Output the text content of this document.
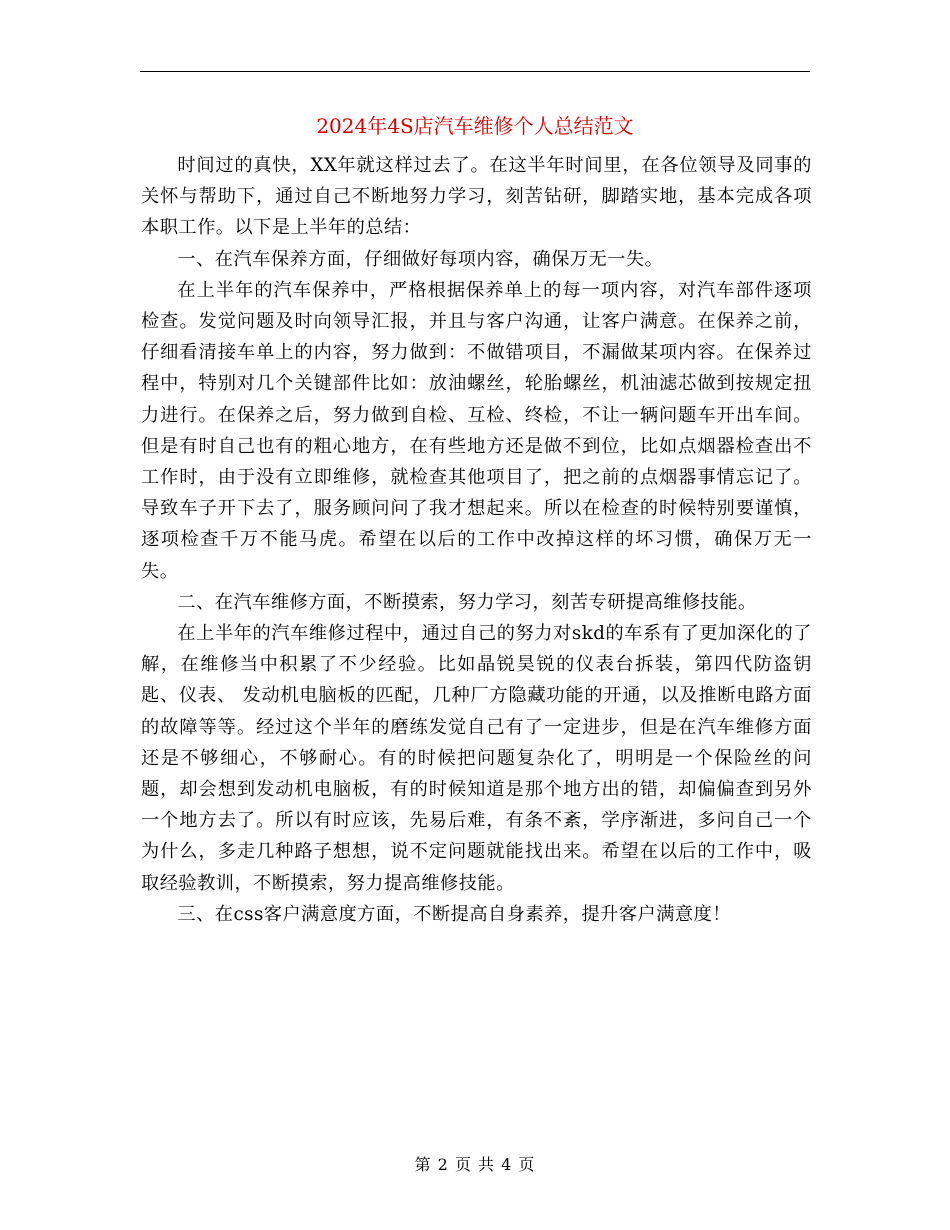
2024年4S店汽车维修个人总结范文

时间过的真快，XX年就这样过去了。在这半年时间里，在各位领导及同事的关怀与帮助下，通过自己不断地努力学习，刻苦钻研，脚踏实地，基本完成各项本职工作。以下是上半年的总结：

一、在汽车保养方面，仔细做好每项内容，确保万无一失。

在上半年的汽车保养中，严格根据保养单上的每一项内容，对汽车部件逐项检查。发觉问题及时向领导汇报，并且与客户沟通，让客户满意。在保养之前，仔细看清接车单上的内容，努力做到：不做错项目，不漏做某项内容。在保养过程中，特别对几个关键部件比如：放油螺丝，轮胎螺丝，机油滤芯做到按规定扭力进行。在保养之后，努力做到自检、互检、终检，不让一辆问题车开出车间。但是有时自己也有的粗心地方，在有些地方还是做不到位，比如点烟器检查出不工作时，由于没有立即维修，就检查其他项目了，把之前的点烟器事情忘记了。导致车子开下去了，服务顾问问了我才想起来。所以在检查的时候特别要谨慎，逐项检查千万不能马虎。希望在以后的工作中改掉这样的坏习惯，确保万无一失。

二、在汽车维修方面，不断摸索，努力学习，刻苦专研提高维修技能。

在上半年的汽车维修过程中，通过自己的努力对skd的车系有了更加深化的了解，在维修当中积累了不少经验。比如晶锐昊锐的仪表台拆装，第四代防盗钥匙、仪表、 发动机电脑板的匹配，几种厂方隐藏功能的开通，以及推断电路方面的故障等等。经过这个半年的磨练发觉自己有了一定进步，但是在汽车维修方面还是不够细心，不够耐心。有的时候把问题复杂化了，明明是一个保险丝的问题，却会想到发动机电脑板，有的时候知道是那个地方出的错，却偏偏查到另外一个地方去了。所以有时应该，先易后难，有条不紊，学序渐进，多问自己一个为什么，多走几种路子想想，说不定问题就能找出来。希望在以后的工作中，吸取经验教训，不断摸索，努力提高维修技能。

三、在css客户满意度方面，不断提高自身素养，提升客户满意度！

第 2 页 共 4 页
